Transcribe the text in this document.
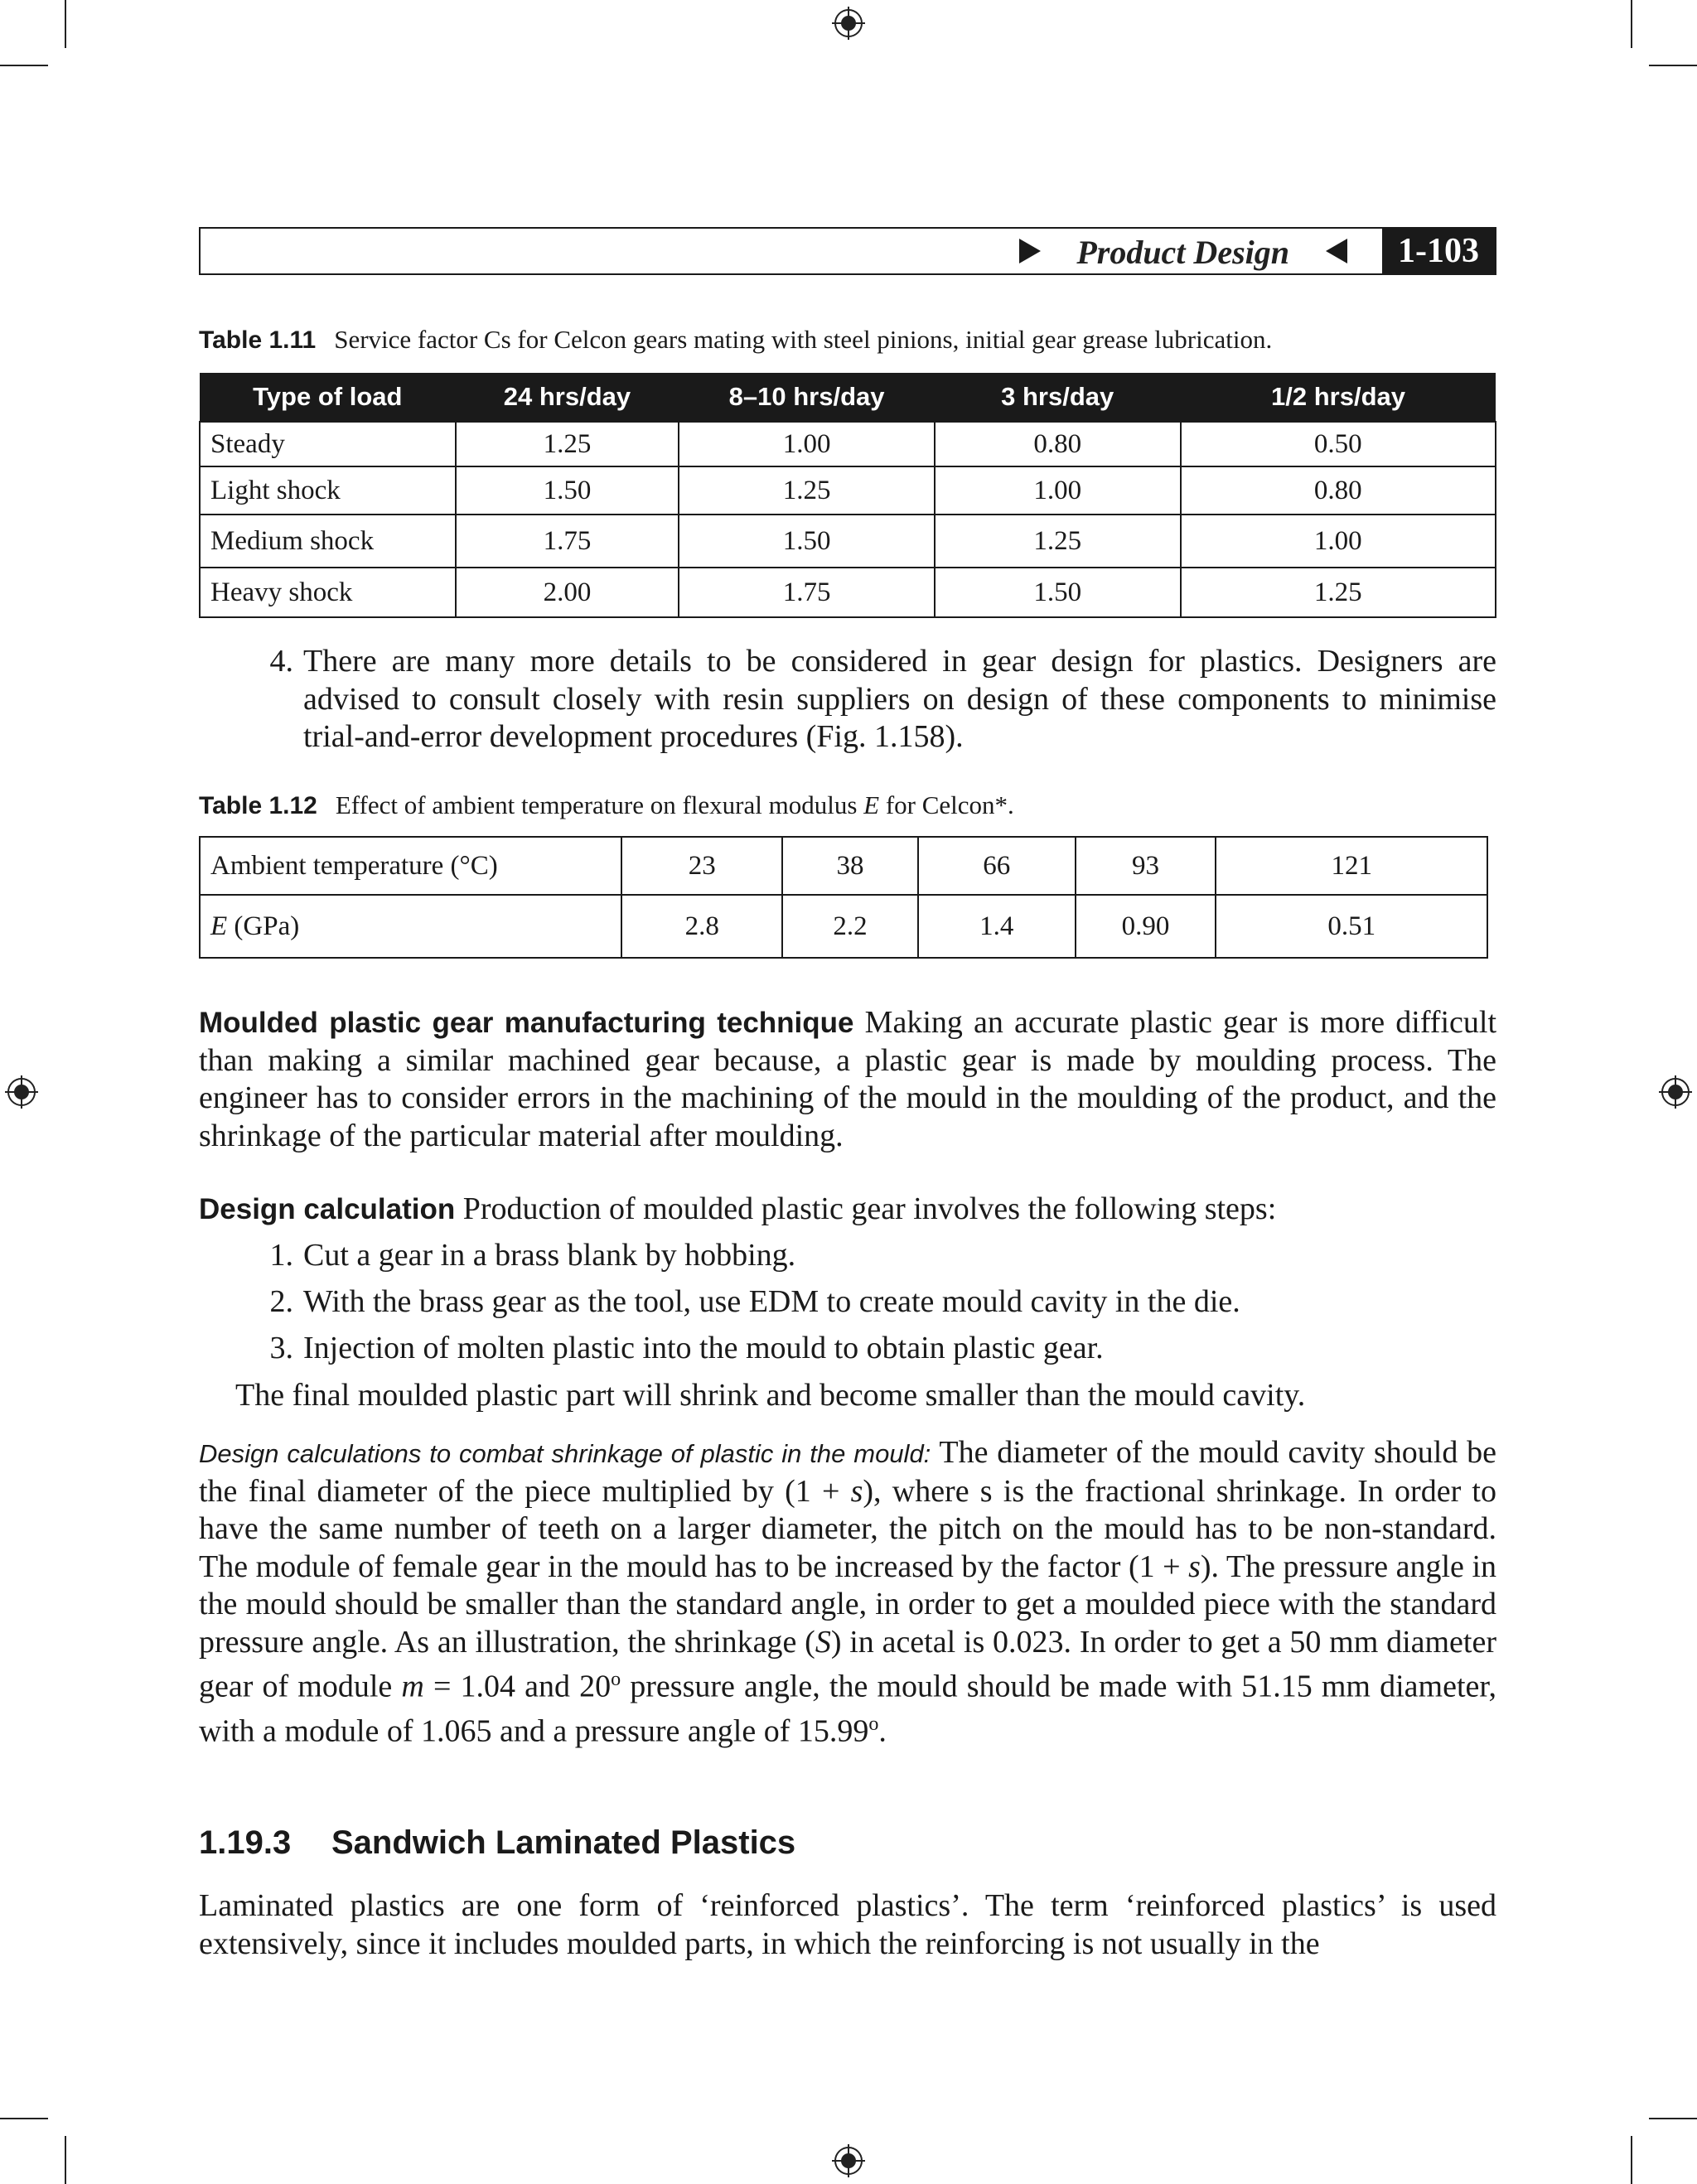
Product Design	1-103
Table 1.11 Service factor Cs for Celcon gears mating with steel pinions, initial gear grease lubrication.
Type of load	24 hrs/day	8–10 hrs/day	3 hrs/day	1/2 hrs/day
Steady	1.25	1.00	0.80	0.50
Light shock	1.50	1.25	1.00	0.80
Medium shock	1.75	1.50	1.25	1.00
Heavy shock	2.00	1.75	1.50	1.25
4. There are many more details to be considered in gear design for plastics. Designers are advised to consult closely with resin suppliers on design of these components to minimise trial-and-error development procedures (Fig. 1.158).
Table 1.12 Effect of ambient temperature on flexural modulus E for Celcon*.
Ambient temperature (°C)	23	38	66	93	121
E (GPa)	2.8	2.2	1.4	0.90	0.51
Moulded plastic gear manufacturing technique Making an accurate plastic gear is more difficult than making a similar machined gear because, a plastic gear is made by moulding process. The engineer has to consider errors in the machining of the mould in the moulding of the product, and the shrinkage of the particular material after moulding.
Design calculation Production of moulded plastic gear involves the following steps:
1. Cut a gear in a brass blank by hobbing.
2. With the brass gear as the tool, use EDM to create mould cavity in the die.
3. Injection of molten plastic into the mould to obtain plastic gear.
The final moulded plastic part will shrink and become smaller than the mould cavity.
Design calculations to combat shrinkage of plastic in the mould: The diameter of the mould cavity should be the final diameter of the piece multiplied by (1 + s), where s is the fractional shrinkage. In order to have the same number of teeth on a larger diameter, the pitch on the mould has to be non-standard. The module of female gear in the mould has to be increased by the factor (1 + s). The pressure angle in the mould should be smaller than the standard angle, in order to get a moulded piece with the standard pressure angle. As an illustration, the shrinkage (S) in acetal is 0.023. In order to get a 50 mm diameter gear of module m = 1.04 and 20$^o$ pressure angle, the mould should be made with 51.15 mm diameter, with a module of 1.065 and a pressure angle of 15.99$^o$.
1.19.3 Sandwich Laminated Plastics
Laminated plastics are one form of ‘reinforced plastics’. The term ‘reinforced plastics’ is used extensively, since it includes moulded parts, in which the reinforcing is not usually in the
